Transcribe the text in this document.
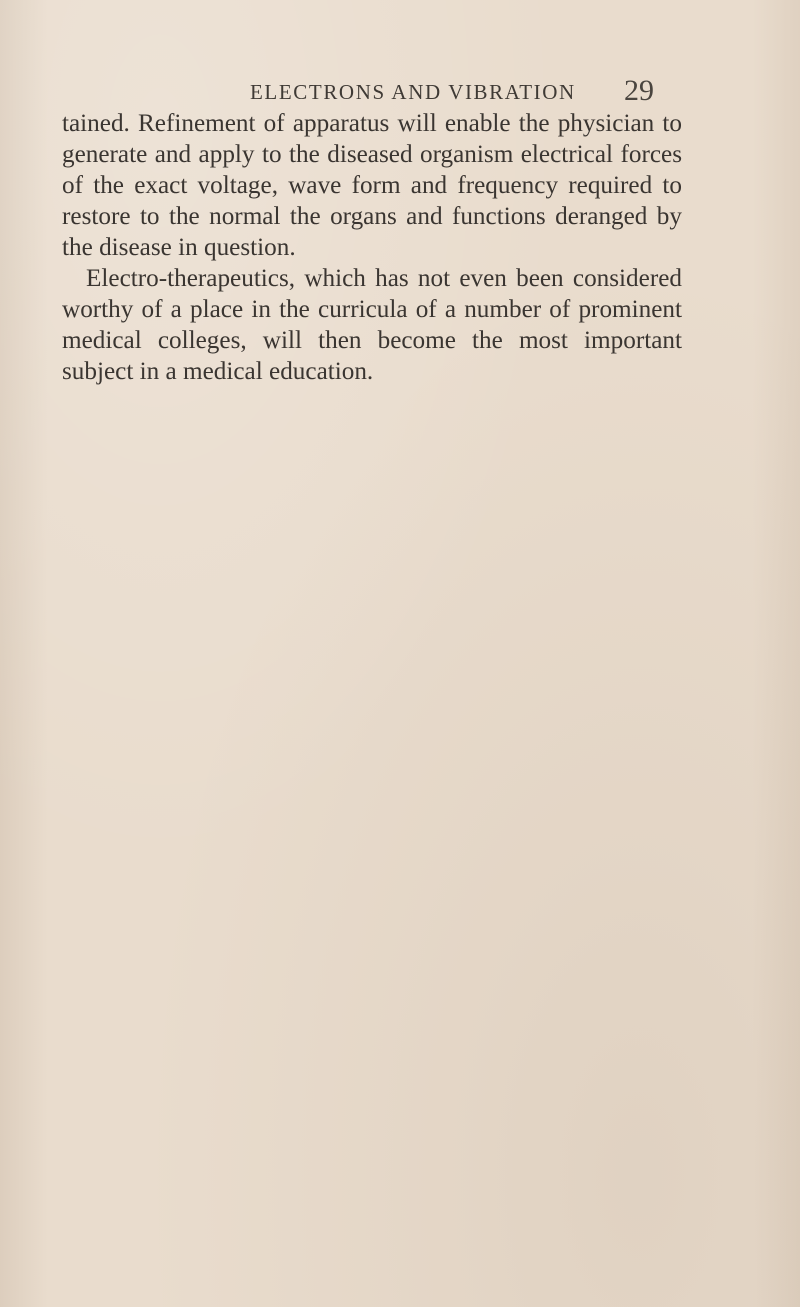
ELECTRONS AND VIBRATION 29

tained. Refinement of apparatus will enable the physician to generate and apply to the diseased organism electrical forces of the exact voltage, wave form and frequency required to restore to the normal the organs and functions deranged by the disease in question.

Electro-therapeutics, which has not even been considered worthy of a place in the curricula of a number of prominent medical colleges, will then become the most important subject in a medical education.
